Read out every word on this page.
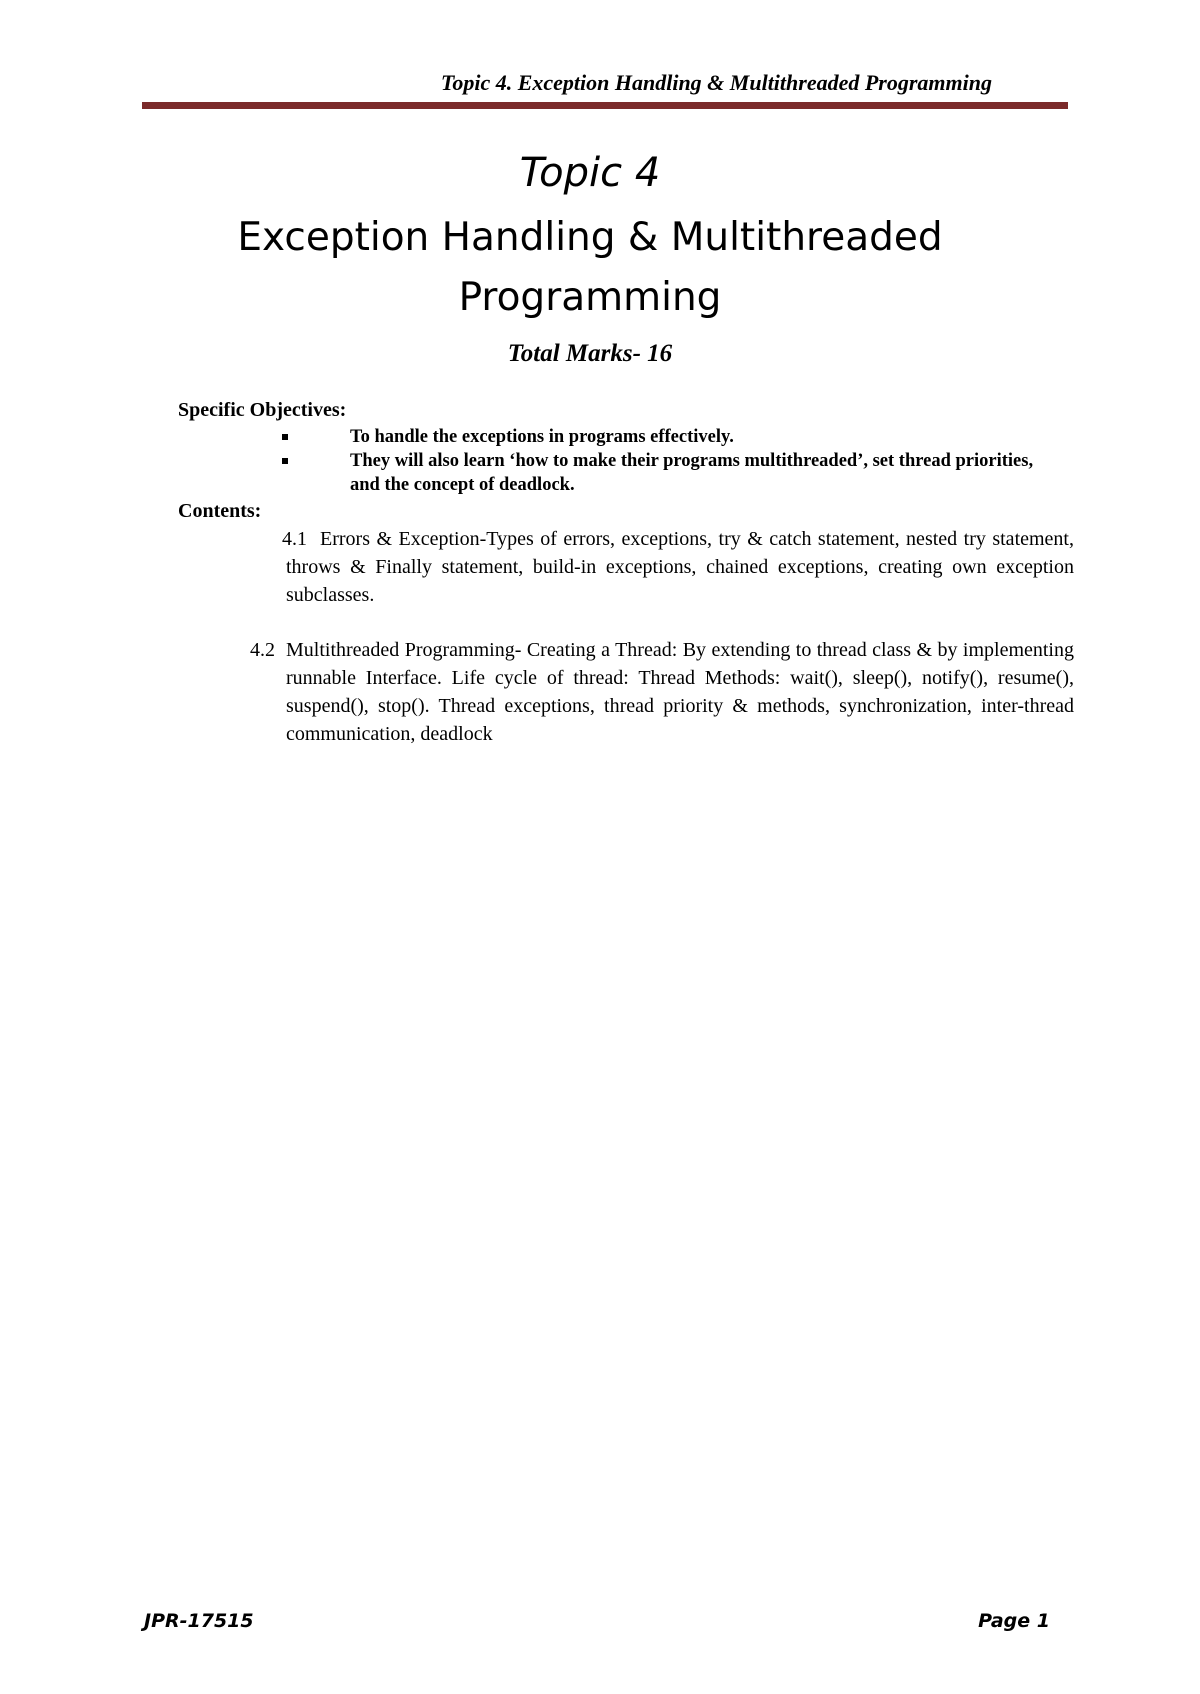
Topic 4. Exception Handling & Multithreaded Programming
Topic 4
Exception Handling & Multithreaded
Programming
Total Marks- 16
Specific Objectives:
To handle the exceptions in programs effectively.
They will also learn ‘how to make their programs multithreaded’, set thread priorities, and the concept of deadlock.
Contents:
4.1 Errors & Exception-Types of errors, exceptions, try & catch statement, nested try statement, throws & Finally statement, build-in exceptions, chained exceptions, creating own exception subclasses.
4.2 Multithreaded Programming- Creating a Thread: By extending to thread class & by implementing runnable Interface. Life cycle of thread: Thread Methods: wait(), sleep(), notify(), resume(), suspend(), stop(). Thread exceptions, thread priority & methods, synchronization, inter-thread communication, deadlock
JPR-17515	Page 1
